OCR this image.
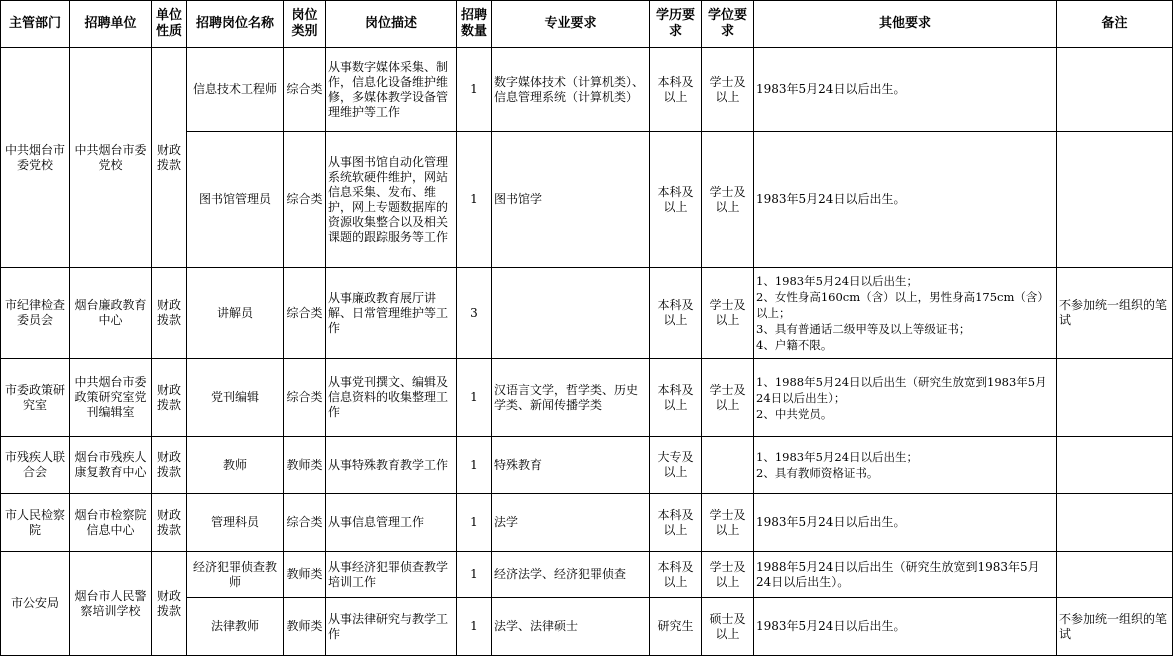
主管部门	招聘单位	单位性质	招聘岗位名称	岗位类别	岗位描述	招聘数量	专业要求	学历要求	学位要求	其他要求	备注
中共烟台市委党校	中共烟台市委党校	财政拨款	信息技术工程师	综合类	从事数字媒体采集、制作，信息化设备维护维修，多媒体教学设备管理维护等工作	1	数字媒体技术（计算机类）、信息管理系统（计算机类）	本科及以上	学士及以上	1983年5月24日以后出生。	
			图书馆管理员	综合类	从事图书馆自动化管理系统软硬件维护，网站信息采集、发布、维护，网上专题数据库的资源收集整合以及相关课题的跟踪服务等工作	1	图书馆学	本科及以上	学士及以上	1983年5月24日以后出生。	
市纪律检查委员会	烟台廉政教育中心	财政拨款	讲解员	综合类	从事廉政教育展厅讲解、日常管理维护等工作	3		本科及以上	学士及以上	1、1983年5月24日以后出生；
2、女性身高160cm（含）以上，男性身高175cm（含）以上；
3、具有普通话二级甲等及以上等级证书；
4、户籍不限。	不参加统一组织的笔试
市委政策研究室	中共烟台市委政策研究室党刊编辑室	财政拨款	党刊编辑	综合类	从事党刊撰文、编辑及信息资料的收集整理工作	1	汉语言文学，哲学类、历史学类、新闻传播学类	本科及以上	学士及以上	1、1988年5月24日以后出生（研究生放宽到1983年5月24日以后出生）；
2、中共党员。	

市残疾人联合会	烟台市残疾人康复教育中心	财政拨款	教师	教师类	从事特殊教育教学工作	1	特殊教育	大专及以上		1、1983年5月24日以后出生；
2、具有教师资格证书。	

市人民检察院	烟台市检察院信息中心	财政拨款	管理科员	综合类	从事信息管理工作	1	法学	本科及以上	学士及以上	1983年5月24日以后出生。	
市公安局	烟台市人民警察培训学校	财政拨款	经济犯罪侦查教师	教师类	从事经济犯罪侦查教学培训工作	1	经济法学、经济犯罪侦查	本科及以上	学士及以上	1988年5月24日以后出生（研究生放宽到1983年5月24日以后出生）。	
			法律教师	教师类	从事法律研究与教学工作	1	法学、法律硕士	研究生	硕士及以上	1983年5月24日以后出生。	不参加统一组织的笔试
